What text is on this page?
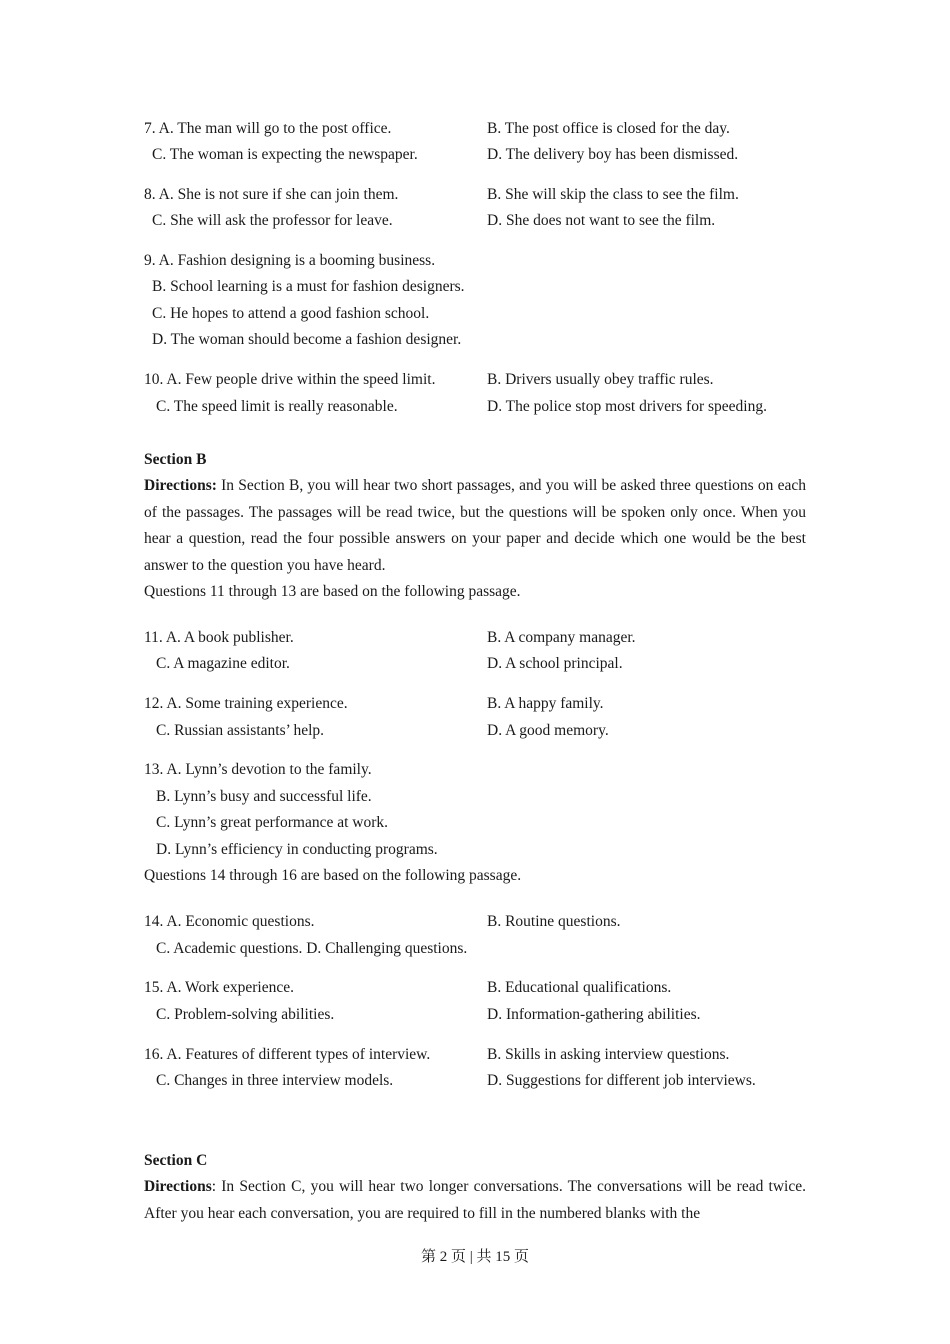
7. A. The man will go to the post office.	B. The post office is closed for the day.
C. The woman is expecting the newspaper.	D. The delivery boy has been dismissed.
8. A. She is not sure if she can join them.	B. She will skip the class to see the film.
C. She will ask the professor for leave.	D. She does not want to see the film.
9. A. Fashion designing is a booming business.
B. School learning is a must for fashion designers.
C. He hopes to attend a good fashion school.
D. The woman should become a fashion designer.
10. A. Few people drive within the speed limit.	B. Drivers usually obey traffic rules.
C. The speed limit is really reasonable.	D. The police stop most drivers for speeding.
Section B
Directions: In Section B, you will hear two short passages, and you will be asked three questions on each of the passages. The passages will be read twice, but the questions will be spoken only once. When you hear a question, read the four possible answers on your paper and decide which one would be the best answer to the question you have heard.
Questions 11 through 13 are based on the following passage.
11. A. A book publisher.	B. A company manager.
C. A magazine editor.	D. A school principal.
12. A. Some training experience.	B. A happy family.
C. Russian assistants’ help.	D. A good memory.
13. A. Lynn’s devotion to the family.
B. Lynn’s busy and successful life.
C. Lynn’s great performance at work.
D. Lynn’s efficiency in conducting programs.
Questions 14 through 16 are based on the following passage.
14. A. Economic questions.	B. Routine questions.
C. Academic questions. D. Challenging questions.
15. A. Work experience.	B. Educational qualifications.
C. Problem-solving abilities.	D. Information-gathering abilities.
16. A. Features of different types of interview.	B. Skills in asking interview questions.
C. Changes in three interview models.	D. Suggestions for different job interviews.
Section C
Directions: In Section C, you will hear two longer conversations. The conversations will be read twice. After you hear each conversation, you are required to fill in the numbered blanks with the
第 2 页 | 共 15 页
